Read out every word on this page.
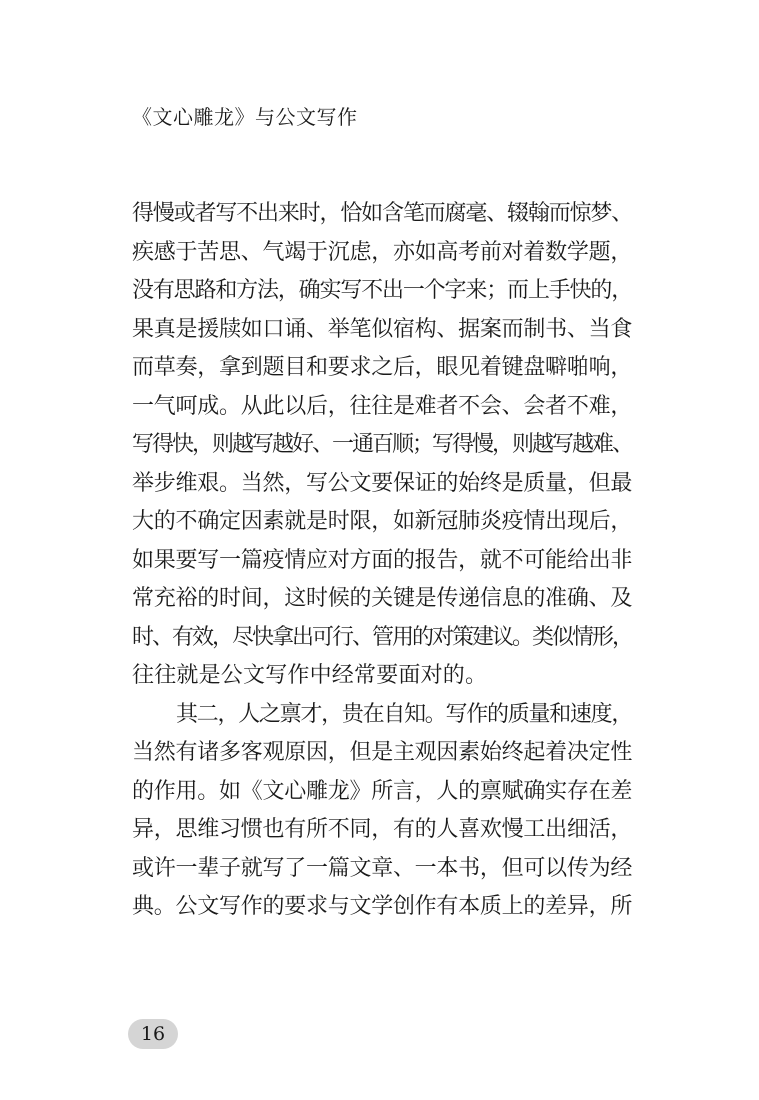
《文心雕龙》与公文写作
得慢或者写不出来时，恰如含笔而腐毫、辍翰而惊梦、
疾感于苦思、气竭于沉虑，亦如高考前对着数学题，
没有思路和方法，确实写不出一个字来；而上手快的，
果真是援牍如口诵、举笔似宿构、据案而制书、当食
而草奏，拿到题目和要求之后，眼见着键盘噼啪响，
一气呵成。从此以后，往往是难者不会、会者不难，
写得快，则越写越好、一通百顺；写得慢，则越写越难、
举步维艰。当然，写公文要保证的始终是质量，但最
大的不确定因素就是时限，如新冠肺炎疫情出现后，
如果要写一篇疫情应对方面的报告，就不可能给出非
常充裕的时间，这时候的关键是传递信息的准确、及
时、有效，尽快拿出可行、管用的对策建议。类似情形，
往往就是公文写作中经常要面对的。
其二，人之禀才，贵在自知。写作的质量和速度，
当然有诸多客观原因，但是主观因素始终起着决定性
的作用。如《文心雕龙》所言，人的禀赋确实存在差
异，思维习惯也有所不同，有的人喜欢慢工出细活，
或许一辈子就写了一篇文章、一本书，但可以传为经
典。公文写作的要求与文学创作有本质上的差异，所
16
